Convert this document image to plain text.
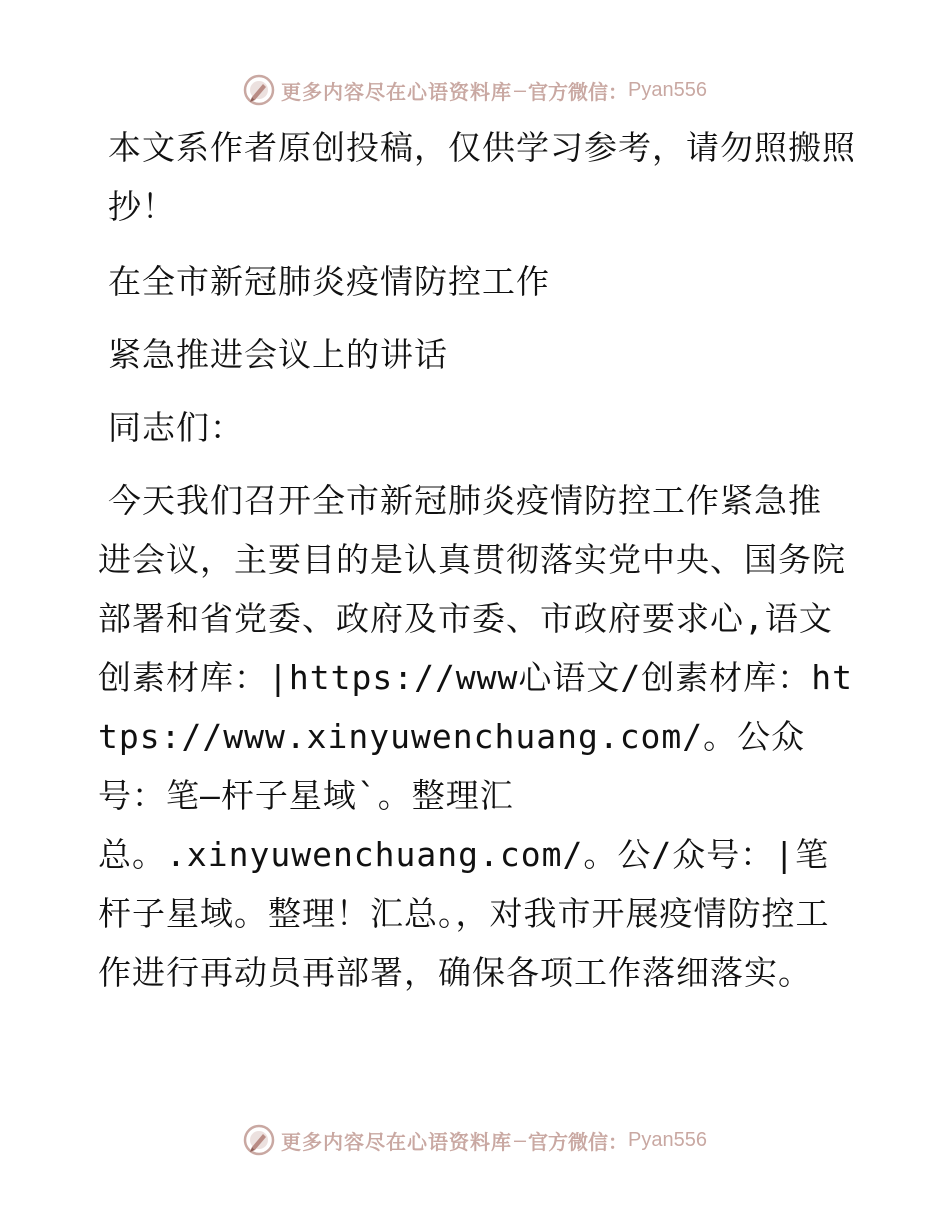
更多内容尽在心语资料库 — 官方微信： Pyan556

本文系作者原创投稿，仅供学习参考，请勿照搬照抄！

在全市新冠肺炎疫情防控工作

紧急推进会议上的讲话

同志们：

今天我们召开全市新冠肺炎疫情防控工作紧急推

进会议，主要目的是认真贯彻落实党中央、国务院部署和省党委、政府及市委、市政府要求心,语文创素材库：|https://www心语文/创素材库：https://www.xinyuwenchuang.com/。公众号：笔—杆子星域`。整理汇

总。.xinyuwenchuang.com/。公/众号：|笔杆子星域。整理！汇总。，对我市开展疫情防控工作进行再动员再部署，确保各项工作落细落实。

更多内容尽在心语资料库 — 官方微信： Pyan556
